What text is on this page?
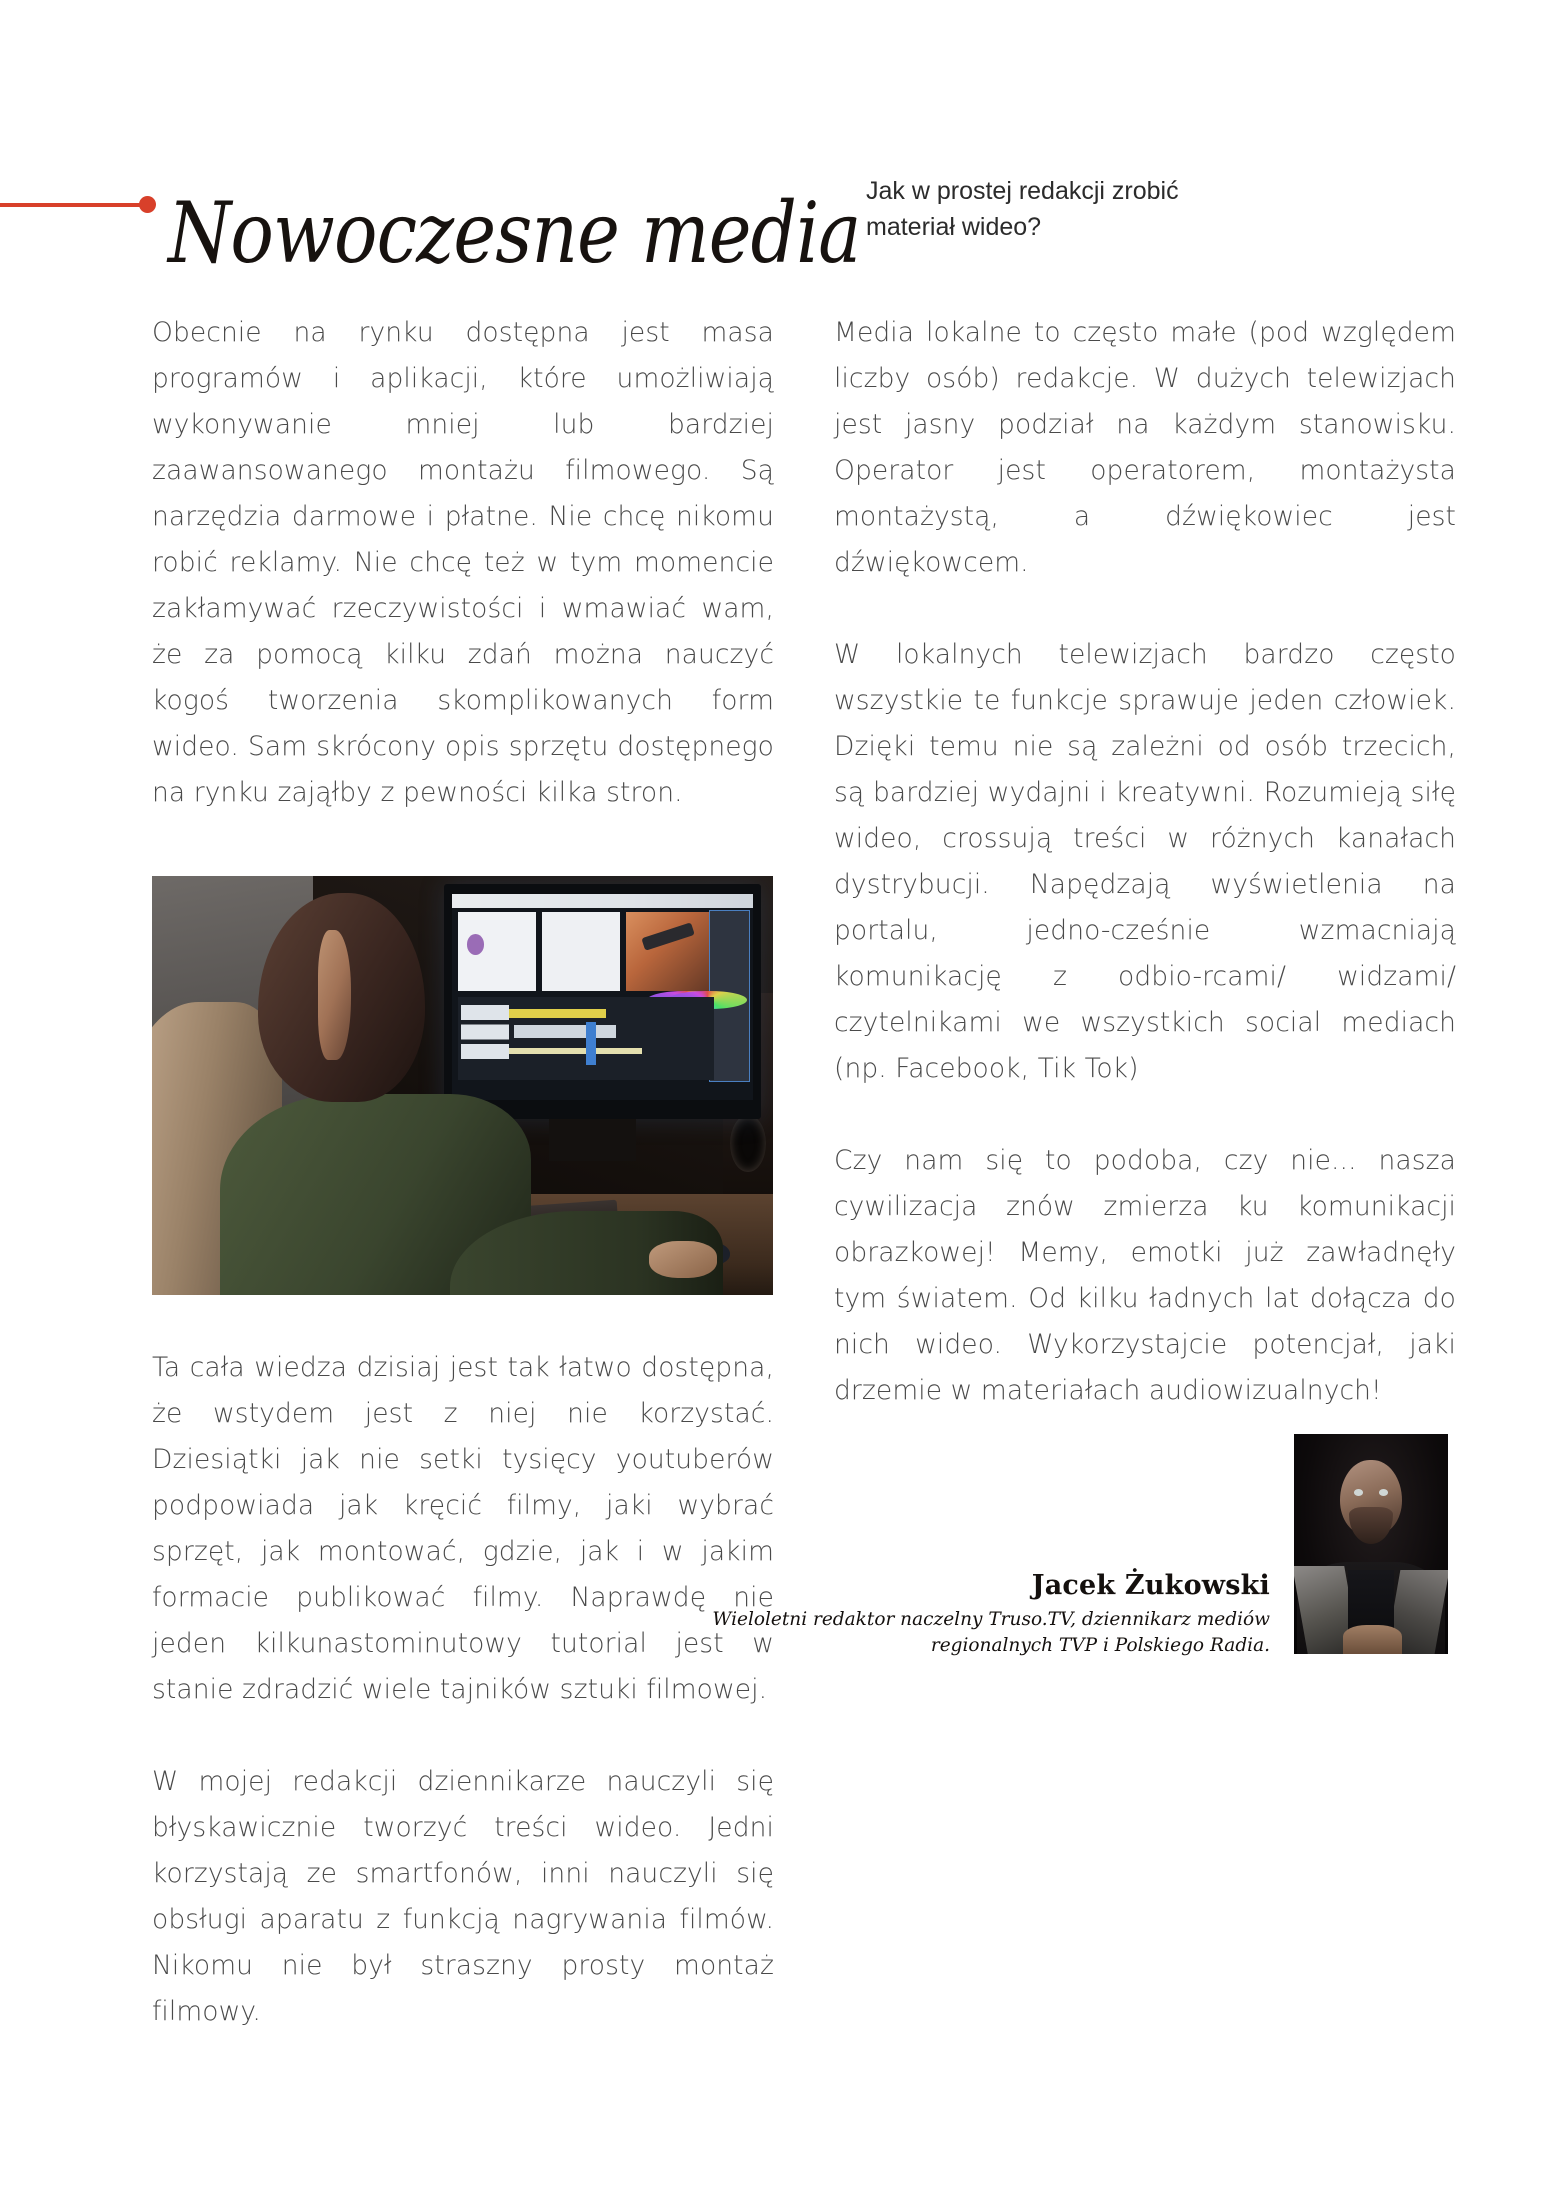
Nowoczesne media Jak w prostej redakcji zrobić materiał wideo?

Obecnie na rynku dostępna jest masa programów i aplikacji, które umożliwiają wykonywanie mniej lub bardziej zaawansowanego montażu filmowego. Są narzędzia darmowe i płatne. Nie chcę nikomu robić reklamy. Nie chcę też w tym momencie zakłamywać rzeczywistości i wmawiać wam, że za pomocą kilku zdań można nauczyć kogoś tworzenia skomplikowanych form wideo. Sam skrócony opis sprzętu dostępnego na rynku zająłby z pewności kilka stron.

Ta cała wiedza dzisiaj jest tak łatwo dostępna, że wstydem jest z niej nie korzystać. Dziesiątki jak nie setki tysięcy youtuberów podpowiada jak kręcić filmy, jaki wybrać sprzęt, jak montować, gdzie, jak i w jakim formacie publikować filmy. Naprawdę nie jeden kilkunastominutowy tutorial jest w stanie zdradzić wiele tajników sztuki filmowej.

W mojej redakcji dziennikarze nauczyli się błyskawicznie tworzyć treści wideo. Jedni korzystają ze smartfonów, inni nauczyli się obsługi aparatu z funkcją nagrywania filmów. Nikomu nie był straszny prosty montaż filmowy.

Media lokalne to często małe (pod względem liczby osób) redakcje. W dużych telewizjach jest jasny podział na każdym stanowisku. Operator jest operatorem, montażysta montażystą, a dźwiękowiec jest dźwiękowcem.

W lokalnych telewizjach bardzo często wszystkie te funkcje sprawuje jeden człowiek. Dzięki temu nie są zależni od osób trzecich, są bardziej wydajni i kreatywni. Rozumieją siłę wideo, crossują treści w różnych kanałach dystrybucji. Napędzają wyświetlenia na portalu, jedno-cześnie wzmacniają komunikację z odbio-rcami/ widzami/ czytelnikami we wszystkich social mediach (np. Facebook, Tik Tok)

Czy nam się to podoba, czy nie... nasza cywilizacja znów zmierza ku komunikacji obrazkowej! Memy, emotki już zawładnęły tym światem. Od kilku ładnych lat dołącza do nich wideo. Wykorzystajcie potencjał, jaki drzemie w materiałach audiowizualnych!

Jacek Żukowski
Wieloletni redaktor naczelny Truso.TV, dziennikarz mediów regionalnych TVP i Polskiego Radia.
